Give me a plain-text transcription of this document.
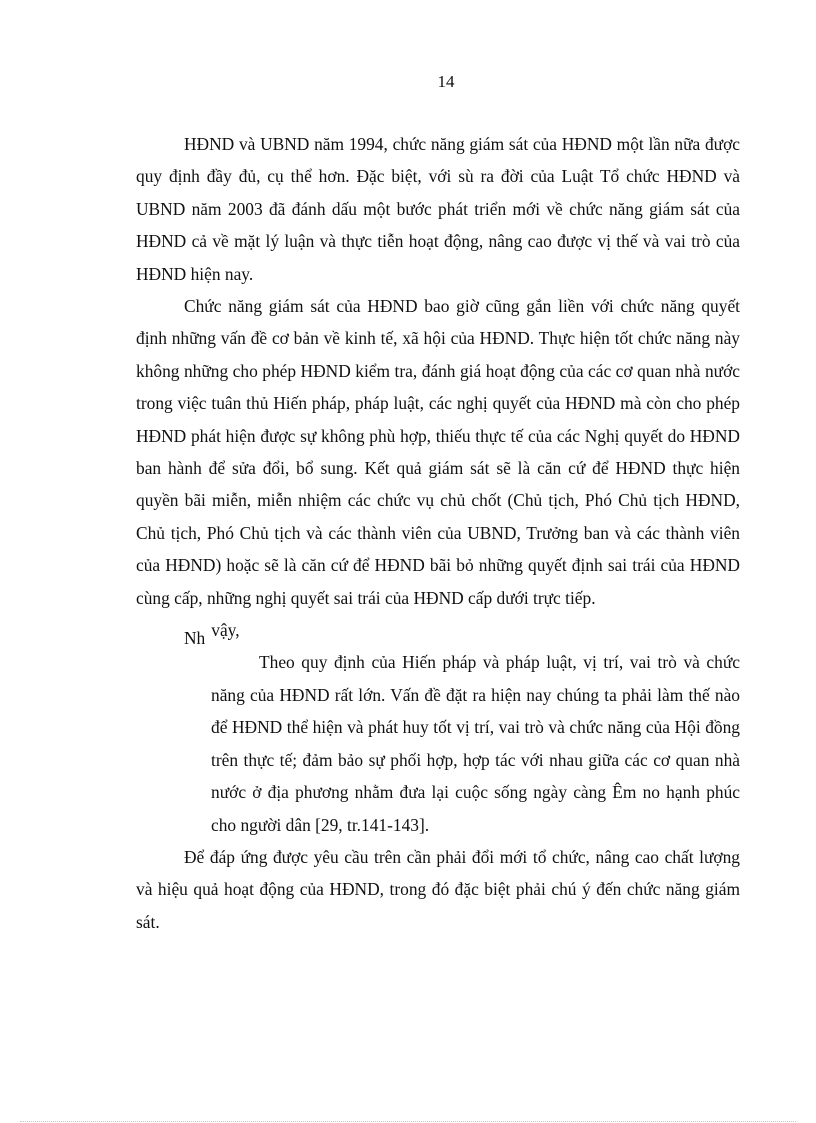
14

HĐND và UBND năm 1994, chức năng giám sát của HĐND một lần nữa được quy định đầy đủ, cụ thể hơn. Đặc biệt, với sù ra đời của Luật Tổ chức HĐND và UBND năm 2003 đã đánh dấu một bước phát triển mới về chức năng giám sát của HĐND cả về mặt lý luận và thực tiễn hoạt động, nâng cao được vị thế và vai trò của HĐND hiện nay.

Chức năng giám sát của HĐND bao giờ cũng gắn liền với chức năng quyết định những vấn đề cơ bản về kinh tế, xã hội của HĐND. Thực hiện tốt chức năng này không những cho phép HĐND kiểm tra, đánh giá hoạt động của các cơ quan nhà nước trong việc tuân thủ Hiến pháp, pháp luật, các nghị quyết của HĐND mà còn cho phép HĐND phát hiện được sự không phù hợp, thiếu thực tế của các Nghị quyết do HĐND ban hành để sửa đổi, bổ sung. Kết quả giám sát sẽ là căn cứ để HĐND thực hiện quyền bãi miễn, miễn nhiệm các chức vụ chủ chốt (Chủ tịch, Phó Chủ tịch HĐND, Chủ tịch, Phó Chủ tịch và các thành viên của UBND, Trưởng ban và các thành viên của HĐND) hoặc sẽ là căn cứ để HĐND bãi bỏ những quyết định sai trái của HĐND cùng cấp, những nghị quyết sai trái của HĐND cấp dưới trực tiếp.

Nh vậy,

Theo quy định của Hiến pháp và pháp luật, vị trí, vai trò và chức năng của HĐND rất lớn. Vấn đề đặt ra hiện nay chúng ta phải làm thế nào để HĐND thể hiện và phát huy tốt vị trí, vai trò và chức năng của Hội đồng trên thực tế; đảm bảo sự phối hợp, hợp tác với nhau giữa các cơ quan nhà nước ở địa phương nhằm đưa lại cuộc sống ngày càng Êm no hạnh phúc cho người dân [29, tr.141-143].

Để đáp ứng được yêu cầu trên cần phải đổi mới tổ chức, nâng cao chất lượng và hiệu quả hoạt động của HĐND, trong đó đặc biệt phải chú ý đến chức năng giám sát.
